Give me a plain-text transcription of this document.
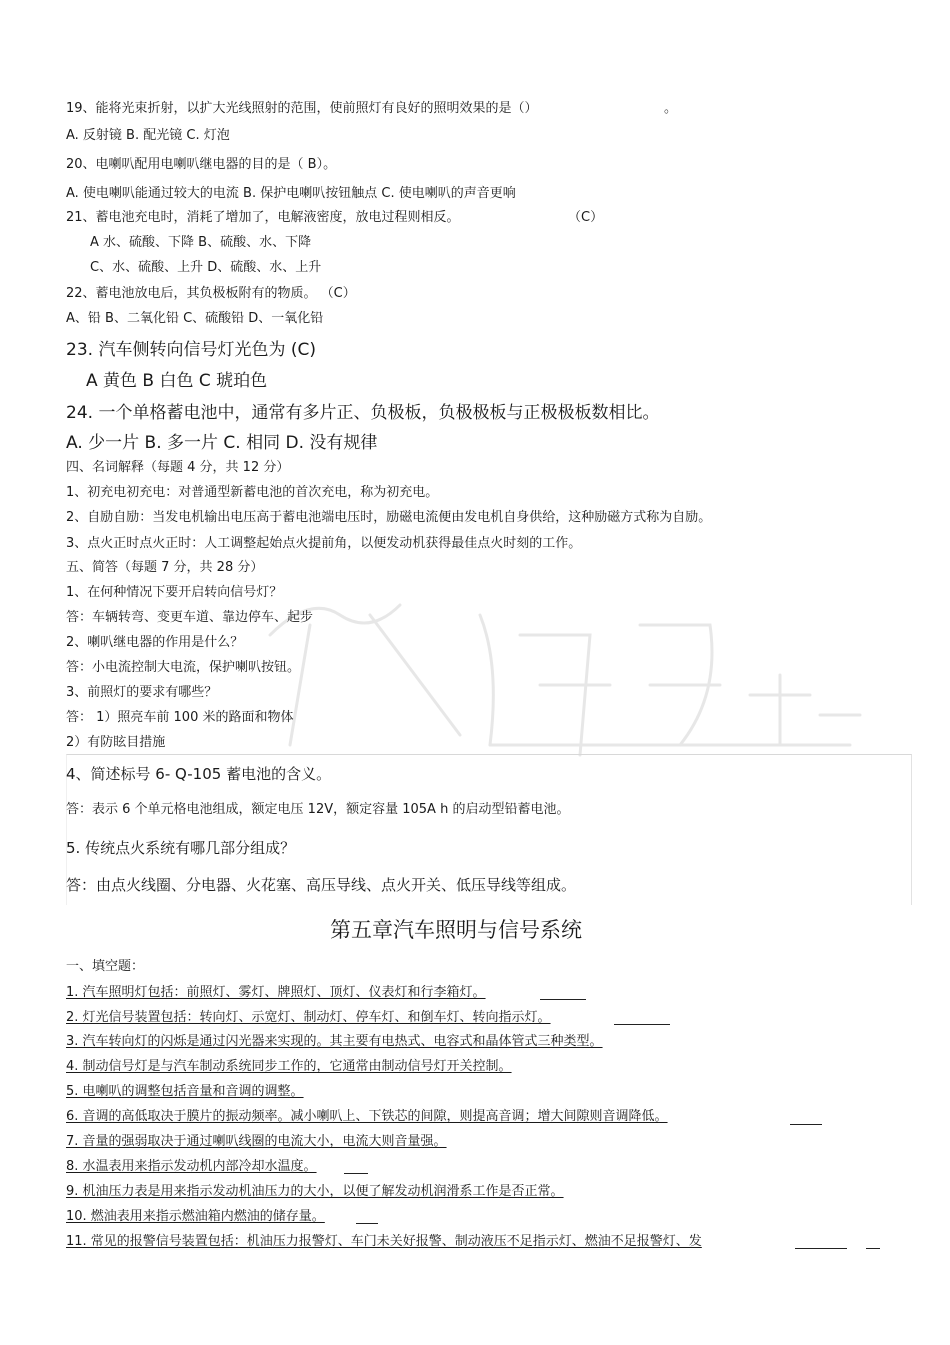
19、能将光束折射，以扩大光线照射的范围，使前照灯有良好的照明效果的是（）	。
A. 反射镜 B. 配光镜 C. 灯泡
20、电喇叭配用电喇叭继电器的目的是（ B）。
A. 使电喇叭能通过较大的电流 B. 保护电喇叭按钮触点 C. 使电喇叭的声音更响
21、蓄电池充电时，消耗了增加了，电解液密度，放电过程则相反。	（C）
A 水、硫酸、下降 B、硫酸、水、下降
C、水、硫酸、上升 D、硫酸、水、上升
22、蓄电池放电后，其负极板附有的物质。 （C）
A、铅 B、二氧化铅 C、硫酸铅 D、一氧化铅
23. 汽车侧转向信号灯光色为 (C)
A 黄色 B 白色 C 琥珀色
24. 一个单格蓄电池中，通常有多片正、负极板，负极极板与正极极板数相比。
A. 少一片 B. 多一片 C. 相同 D. 没有规律
四、名词解释（每题 4 分，共 12 分）
1、初充电初充电：对普通型新蓄电池的首次充电，称为初充电。
2、自励自励：当发电机输出电压高于蓄电池端电压时，励磁电流便由发电机自身供给，这种励磁方式称为自励。
3、点火正时点火正时：人工调整起始点火提前角，以便发动机获得最佳点火时刻的工作。
五、简答（每题 7 分，共 28 分）
1、在何种情况下要开启转向信号灯？
答：车辆转弯、变更车道、靠边停车、起步
2、喇叭继电器的作用是什么？
答：小电流控制大电流，保护喇叭按钮。
3、前照灯的要求有哪些？
答： 1）照亮车前 100 米的路面和物体
2）有防眩目措施
4、简述标号 6- Q-105 蓄电池的含义。
答：表示 6 个单元格电池组成，额定电压 12V，额定容量 105A h 的启动型铅蓄电池。
5. 传统点火系统有哪几部分组成？
答：由点火线圈、分电器、火花塞、高压导线、点火开关、低压导线等组成。
第五章汽车照明与信号系统
一、填空题：
1. 汽车照明灯包括：前照灯、雾灯、牌照灯、顶灯、仪表灯和行李箱灯。
2. 灯光信号装置包括：转向灯、示宽灯、制动灯、停车灯、和倒车灯、转向指示灯。
3. 汽车转向灯的闪烁是通过闪光器来实现的。其主要有电热式、电容式和晶体管式三种类型。
4. 制动信号灯是与汽车制动系统同步工作的，它通常由制动信号灯开关控制。
5. 电喇叭的调整包括音量和音调的调整。
6. 音调的高低取决于膜片的振动频率。减小喇叭上、下铁芯的间隙，则提高音调；增大间隙则音调降低。
7. 音量的强弱取决于通过喇叭线圈的电流大小，电流大则音量强。
8. 水温表用来指示发动机内部冷却水温度。
9. 机油压力表是用来指示发动机油压力的大小，以便了解发动机润滑系工作是否正常。
10. 燃油表用来指示燃油箱内燃油的储存量。
11. 常见的报警信号装置包括：机油压力报警灯、车门未关好报警、制动液压不足指示灯、燃油不足报警灯、发
